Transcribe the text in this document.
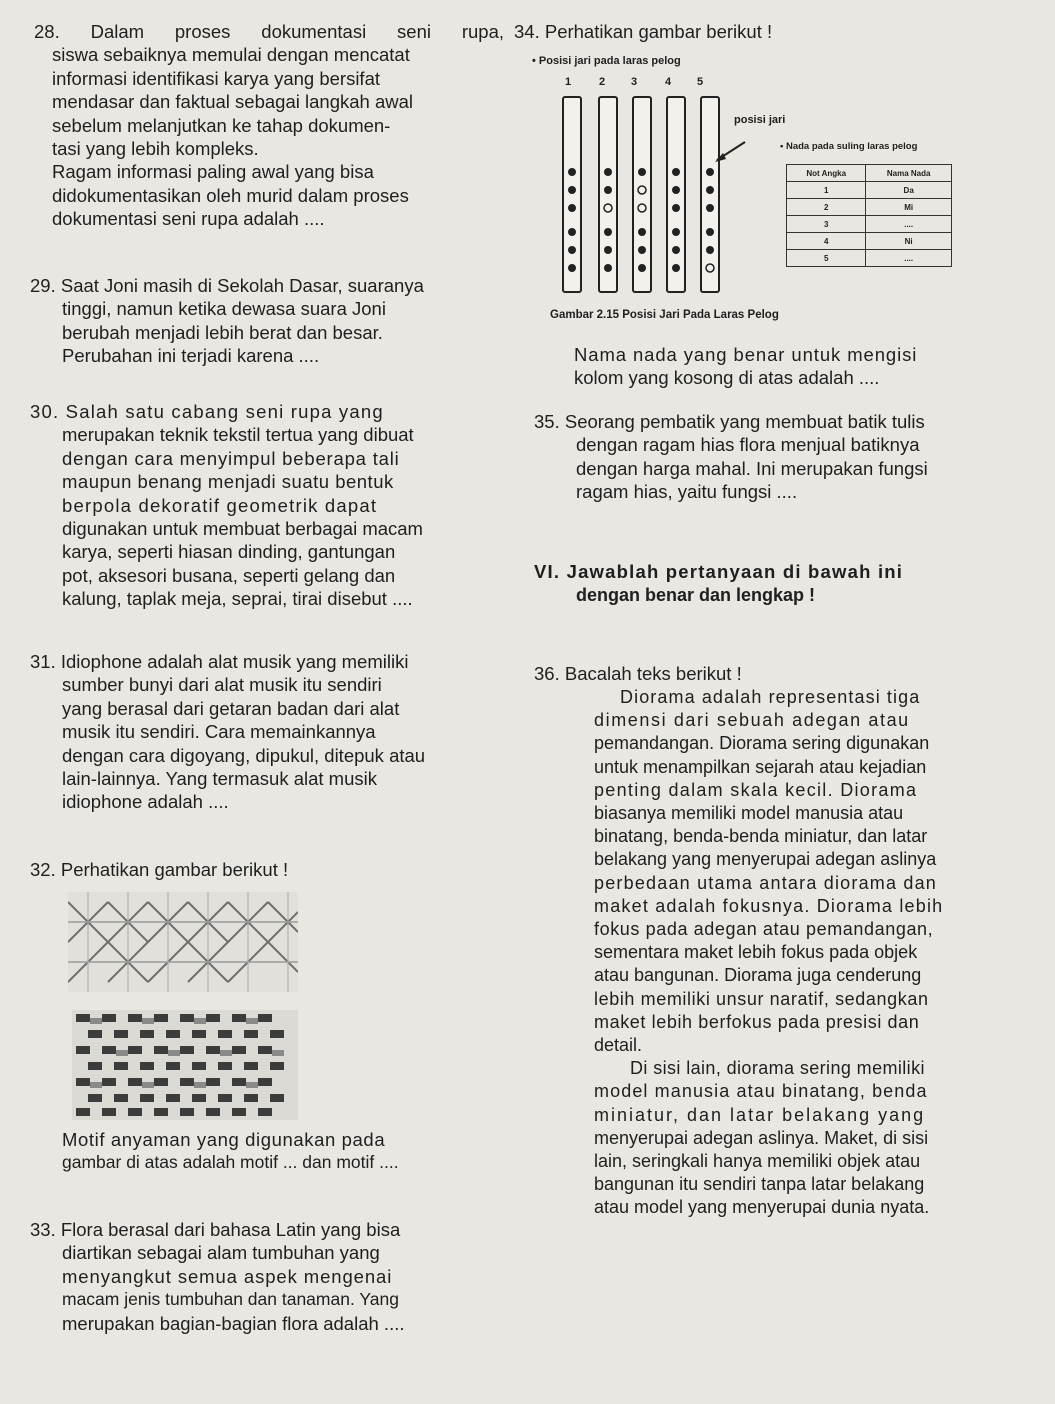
28. Dalam proses dokumentasi seni rupa,
siswa sebaiknya memulai dengan mencatat
informasi identifikasi karya yang bersifat
mendasar dan faktual sebagai langkah awal
sebelum melanjutkan ke tahap dokumen-
tasi yang lebih kompleks.
Ragam informasi paling awal yang bisa
didokumentasikan oleh murid dalam proses
dokumentasi seni rupa adalah ....
29. Saat Joni masih di Sekolah Dasar, suaranya
tinggi, namun ketika dewasa suara Joni
berubah menjadi lebih berat dan besar.
Perubahan ini terjadi karena ....
30. Salah satu cabang seni rupa yang
merupakan teknik tekstil tertua yang dibuat
dengan cara menyimpul beberapa tali
maupun benang menjadi suatu bentuk
berpola dekoratif geometrik dapat
digunakan untuk membuat berbagai macam
karya, seperti hiasan dinding, gantungan
pot, aksesori busana, seperti gelang dan
kalung, taplak meja, seprai, tirai disebut ....
31. Idiophone adalah alat musik yang memiliki
sumber bunyi dari alat musik itu sendiri
yang berasal dari getaran badan dari alat
musik itu sendiri. Cara memainkannya
dengan cara digoyang, dipukul, ditepuk atau
lain-lainnya. Yang termasuk alat musik
idiophone adalah ....
32. Perhatikan gambar berikut !
Motif anyaman yang digunakan pada
gambar di atas adalah motif ... dan motif ....
33. Flora berasal dari bahasa Latin yang bisa
diartikan sebagai alam tumbuhan yang
menyangkut semua aspek mengenai
macam jenis tumbuhan dan tanaman. Yang
merupakan bagian-bagian flora adalah ....
34. Perhatikan gambar berikut !
• Posisi jari pada laras pelog
1	2 3	4 5
posisi jari
• Nada pada suling laras pelog
Not Angka	Nama Nada
1	Da
2	Mi
3	....
4	Ni
5	....
Gambar 2.15 Posisi Jari Pada Laras Pelog
Nama nada yang benar untuk mengisi
kolom yang kosong di atas adalah ....
35. Seorang pembatik yang membuat batik tulis
dengan ragam hias flora menjual batiknya
dengan harga mahal. Ini merupakan fungsi
ragam hias, yaitu fungsi ....
VI. Jawablah pertanyaan di bawah ini
dengan benar dan lengkap !
36. Bacalah teks berikut !
Diorama adalah representasi tiga
dimensi dari sebuah adegan atau
pemandangan. Diorama sering digunakan
untuk menampilkan sejarah atau kejadian
penting dalam skala kecil. Diorama
biasanya memiliki model manusia atau
binatang, benda-benda miniatur, dan latar
belakang yang menyerupai adegan aslinya
perbedaan utama antara diorama dan
maket adalah fokusnya. Diorama lebih
fokus pada adegan atau pemandangan,
sementara maket lebih fokus pada objek
atau bangunan. Diorama juga cenderung
lebih memiliki unsur naratif, sedangkan
maket lebih berfokus pada presisi dan
detail.
Di sisi lain, diorama sering memiliki
model manusia atau binatang, benda
miniatur, dan latar belakang yang
menyerupai adegan aslinya. Maket, di sisi
lain, seringkali hanya memiliki objek atau
bangunan itu sendiri tanpa latar belakang
atau model yang menyerupai dunia nyata.
